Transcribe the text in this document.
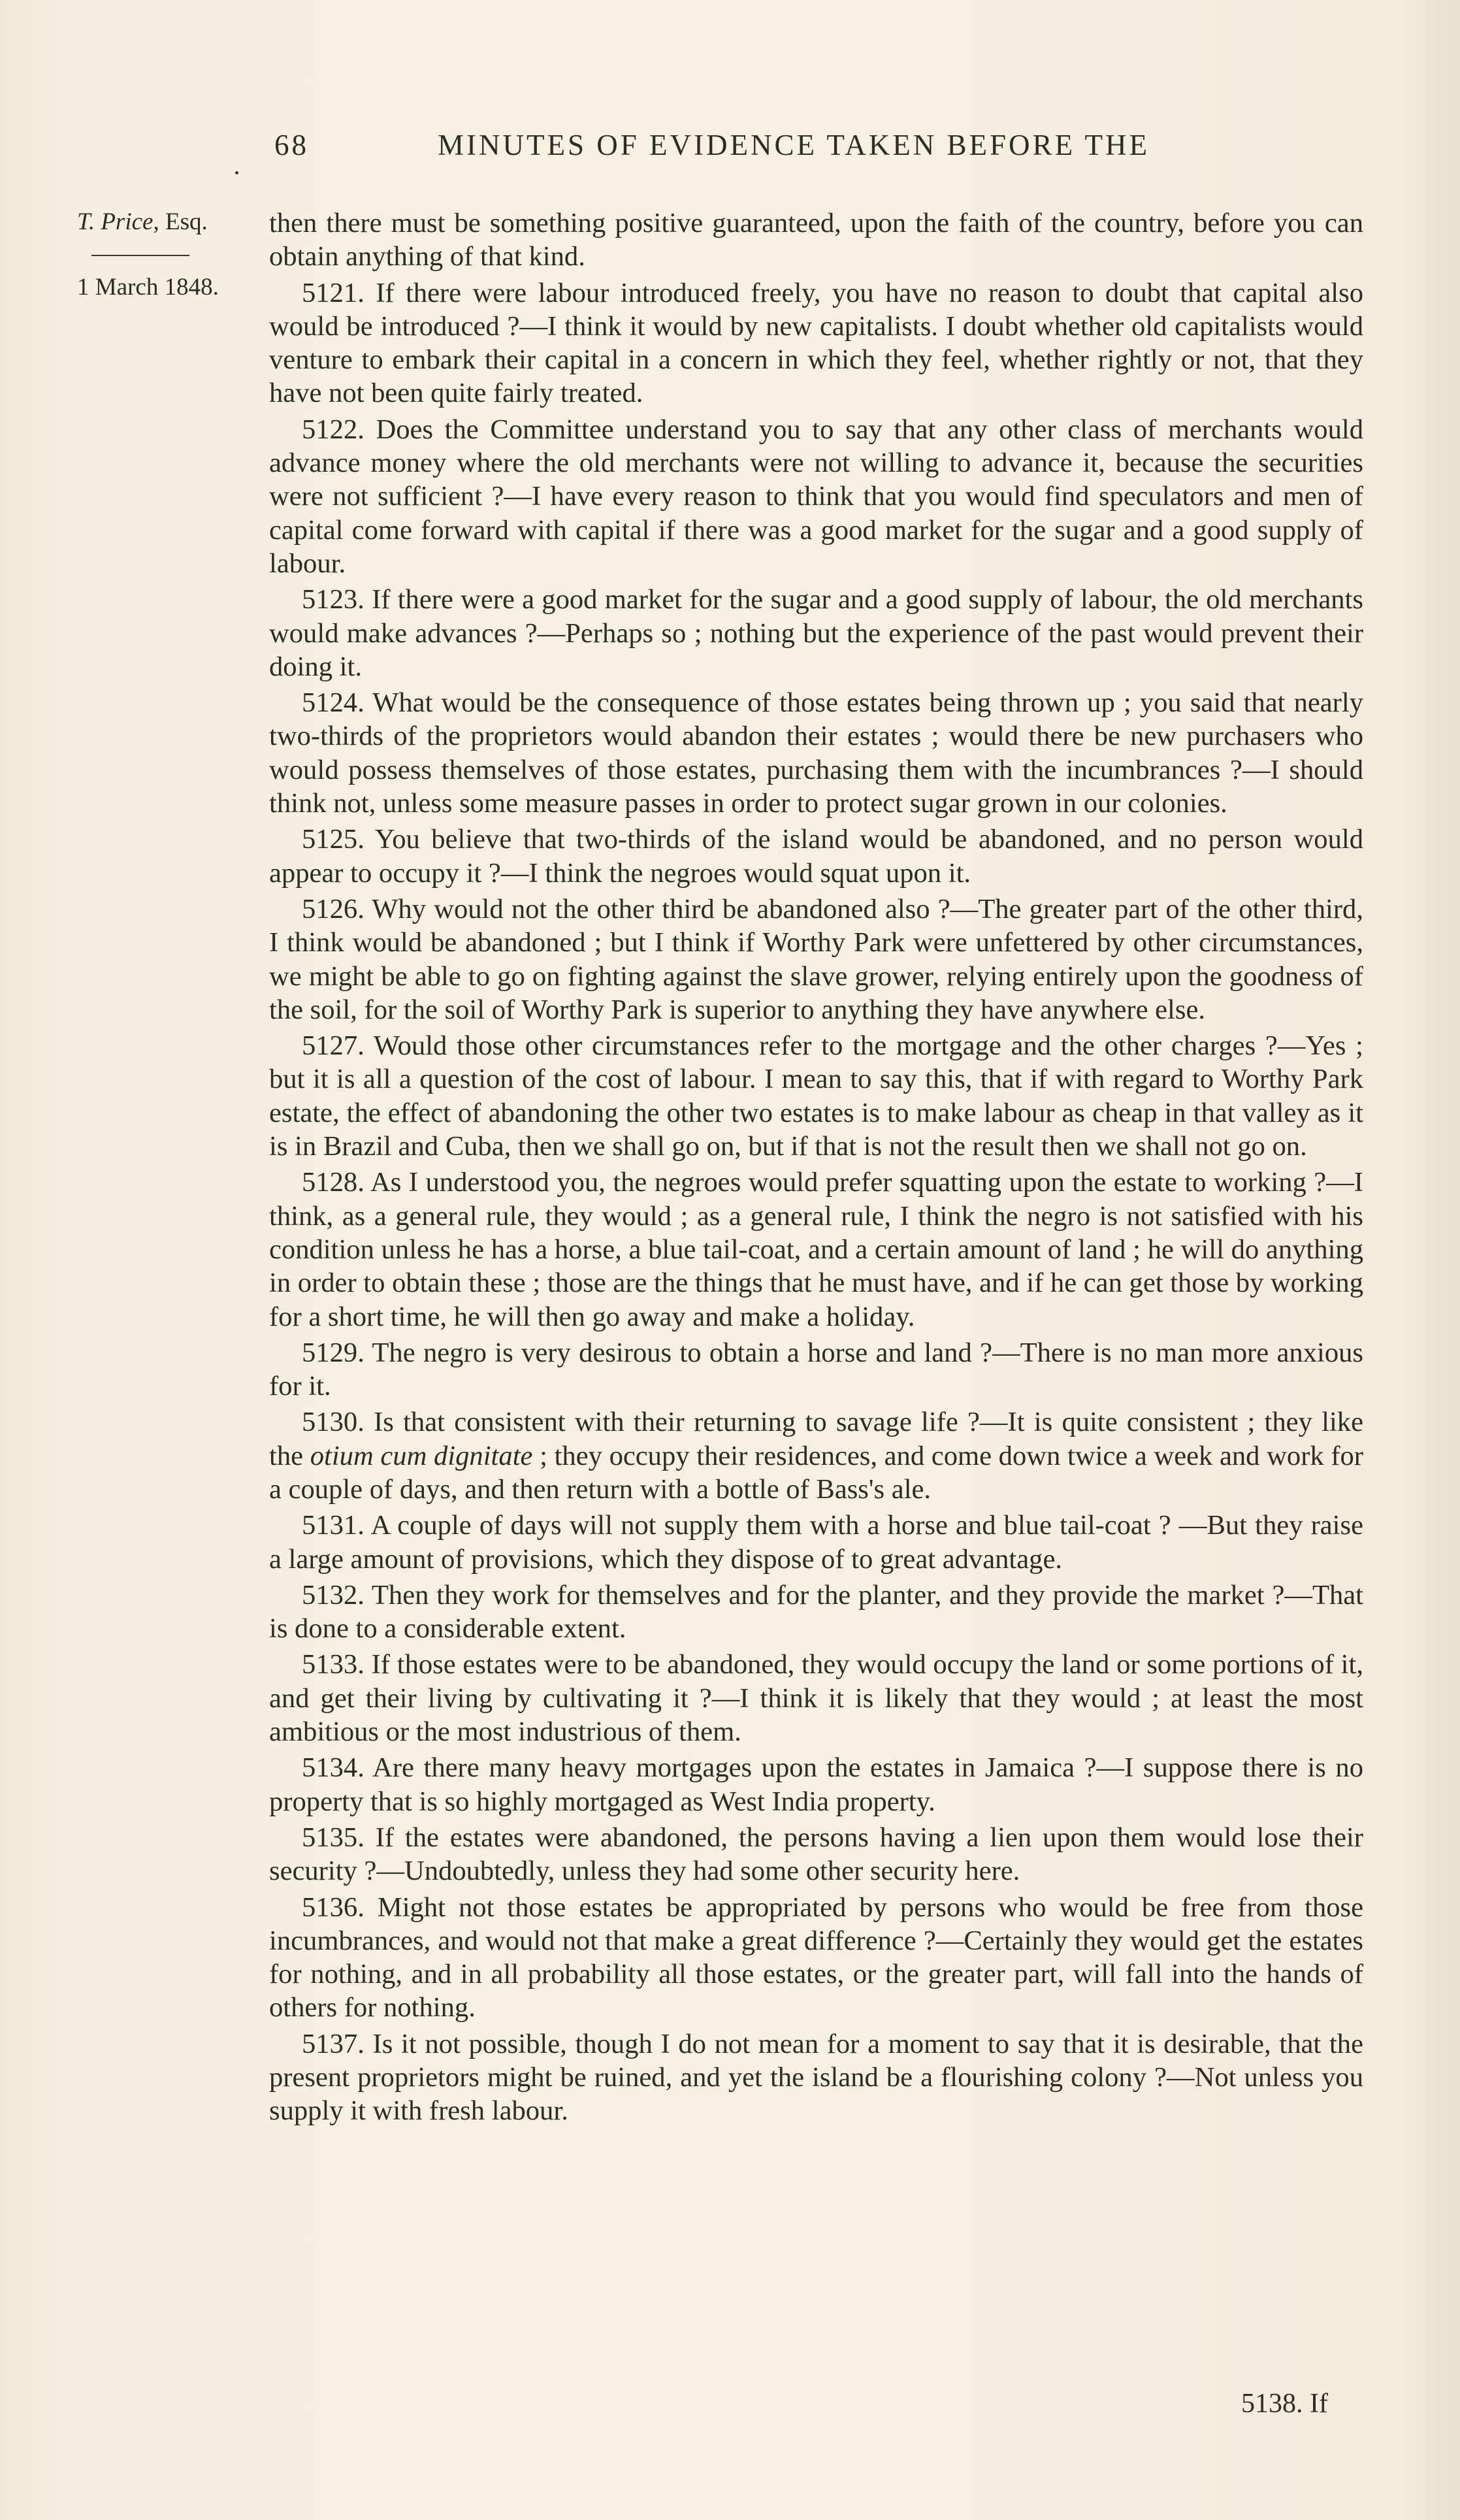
68	MINUTES OF EVIDENCE TAKEN BEFORE THE
T. Price, Esq.
1 March 1848.

then there must be something positive guaranteed, upon the faith of the country, before you can obtain anything of that kind.

5121. If there were labour introduced freely, you have no reason to doubt that capital also would be introduced ?—I think it would by new capitalists. I doubt whether old capitalists would venture to embark their capital in a concern in which they feel, whether rightly or not, that they have not been quite fairly treated.

5122. Does the Committee understand you to say that any other class of merchants would advance money where the old merchants were not willing to advance it, because the securities were not sufficient ?—I have every reason to think that you would find speculators and men of capital come forward with capital if there was a good market for the sugar and a good supply of labour.

5123. If there were a good market for the sugar and a good supply of labour, the old merchants would make advances ?—Perhaps so ; nothing but the experience of the past would prevent their doing it.

5124. What would be the consequence of those estates being thrown up ; you said that nearly two-thirds of the proprietors would abandon their estates ; would there be new purchasers who would possess themselves of those estates, purchasing them with the incumbrances ?—I should think not, unless some measure passes in order to protect sugar grown in our colonies.

5125. You believe that two-thirds of the island would be abandoned, and no person would appear to occupy it ?—I think the negroes would squat upon it.

5126. Why would not the other third be abandoned also ?—The greater part of the other third, I think would be abandoned ; but I think if Worthy Park were unfettered by other circumstances, we might be able to go on fighting against the slave grower, relying entirely upon the goodness of the soil, for the soil of Worthy Park is superior to anything they have anywhere else.

5127. Would those other circumstances refer to the mortgage and the other charges ?—Yes ; but it is all a question of the cost of labour. I mean to say this, that if with regard to Worthy Park estate, the effect of abandoning the other two estates is to make labour as cheap in that valley as it is in Brazil and Cuba, then we shall go on, but if that is not the result then we shall not go on.

5128. As I understood you, the negroes would prefer squatting upon the estate to working ?—I think, as a general rule, they would ; as a general rule, I think the negro is not satisfied with his condition unless he has a horse, a blue tail-coat, and a certain amount of land ; he will do anything in order to obtain these ; those are the things that he must have, and if he can get those by working for a short time, he will then go away and make a holiday.

5129. The negro is very desirous to obtain a horse and land ?—There is no man more anxious for it.

5130. Is that consistent with their returning to savage life ?—It is quite consistent ; they like the otium cum dignitate ; they occupy their residences, and come down twice a week and work for a couple of days, and then return with a bottle of Bass's ale.

5131. A couple of days will not supply them with a horse and blue tail-coat ? —But they raise a large amount of provisions, which they dispose of to great advantage.

5132. Then they work for themselves and for the planter, and they provide the market ?—That is done to a considerable extent.

5133. If those estates were to be abandoned, they would occupy the land or some portions of it, and get their living by cultivating it ?—I think it is likely that they would ; at least the most ambitious or the most industrious of them.

5134. Are there many heavy mortgages upon the estates in Jamaica ?—I suppose there is no property that is so highly mortgaged as West India property.

5135. If the estates were abandoned, the persons having a lien upon them would lose their security ?—Undoubtedly, unless they had some other security here.

5136. Might not those estates be appropriated by persons who would be free from those incumbrances, and would not that make a great difference ?—Certainly they would get the estates for nothing, and in all probability all those estates, or the greater part, will fall into the hands of others for nothing.

5137. Is it not possible, though I do not mean for a moment to say that it is desirable, that the present proprietors might be ruined, and yet the island be a flourishing colony ?—Not unless you supply it with fresh labour.

5138. If
